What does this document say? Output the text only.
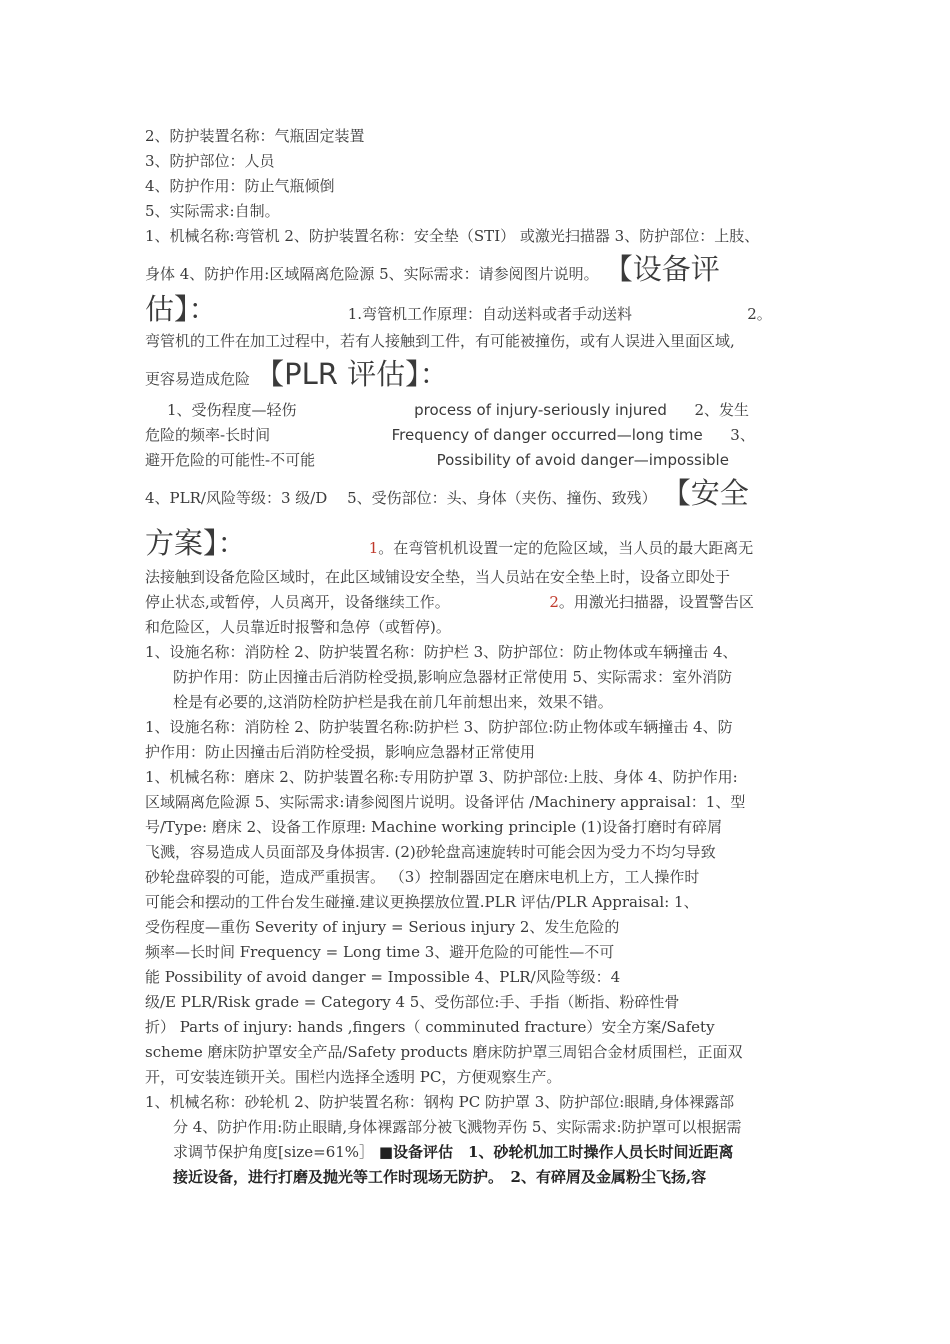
2、防护装置名称：气瓶固定装置
3、防护部位：人员
4、防护作用：防止气瓶倾倒
5、实际需求:自制。
1、机械名称:弯管机 2、防护装置名称：安全垫（STI） 或激光扫描器 3、防护部位：上肢、
身体 4、防护作用:区域隔离危险源 5、实际需求：请参阅图片说明。 【设备评
估】：	1.弯管机工作原理：自动送料或者手动送料	2。
弯管机的工件在加工过程中，若有人接触到工件，有可能被撞伤，或有人误进入里面区域,
更容易造成危险 【PLR 评估】：
1、受伤程度—轻伤	process of injury-seriously injured 2、发生
危险的频率-长时间	Frequency of danger occurred—long time 3、
避开危险的可能性-不可能	Possibility of avoid danger—impossible
4、PLR/风险等级：3 级/D　 5、受伤部位：头、身体（夹伤、撞伤、致残） 【安全
方案】：	1。在弯管机机设置一定的危险区域，当人员的最大距离无
法接触到设备危险区域时，在此区域铺设安全垫，当人员站在安全垫上时，设备立即处于
停止状态,或暂停，人员离开，设备继续工作。	2。用激光扫描器，设置警告区
和危险区，人员靠近时报警和急停（或暂停)。
1、设施名称：消防栓 2、防护装置名称：防护栏 3、防护部位：防止物体或车辆撞击 4、
防护作用：防止因撞击后消防栓受损,影响应急器材正常使用 5、实际需求：室外消防
栓是有必要的,这消防栓防护栏是我在前几年前想出来，效果不错。
1、设施名称：消防栓 2、防护装置名称:防护栏 3、防护部位:防止物体或车辆撞击 4、防
护作用：防止因撞击后消防栓受损，影响应急器材正常使用
1、机械名称：磨床 2、防护装置名称:专用防护罩 3、防护部位:上肢、身体 4、防护作用:
区域隔离危险源 5、实际需求:请参阅图片说明。设备评估 /Machinery appraisal：1、型
号/Type: 磨床 2、设备工作原理: Machine working principle (1)设备打磨时有碎屑
飞溅，容易造成人员面部及身体损害. (2)砂轮盘高速旋转时可能会因为受力不均匀导致
砂轮盘碎裂的可能，造成严重损害。 （3）控制器固定在磨床电机上方，工人操作时
可能会和摆动的工件台发生碰撞.建议更换摆放位置.PLR 评估/PLR Appraisal: 1、
受伤程度—重伤 Severity of injury = Serious injury 2、发生危险的
频率—长时间 Frequency = Long time 3、避开危险的可能性—不可
能 Possibility of avoid danger = Impossible 4、PLR/风险等级：4
级/E PLR/Risk grade = Category 4 5、受伤部位:手、手指（断指、粉碎性骨
折） Parts of injury: hands ,fingers（ comminuted fracture）安全方案/Safety
scheme 磨床防护罩安全产品/Safety products 磨床防护罩三周铝合金材质围栏，正面双
开，可安装连锁开关。围栏内选择全透明 PC，方便观察生产。
1、机械名称：砂轮机 2、防护装置名称：钢构 PC 防护罩 3、防护部位:眼睛,身体裸露部
分 4、防护作用:防止眼睛,身体裸露部分被飞溅物弄伤 5、实际需求:防护罩可以根据需
求调节保护角度[size=61%］ ■设备评估　1、砂轮机加工时操作人员长时间近距离
接近设备，进行打磨及抛光等工作时现场无防护。　2、有碎屑及金属粉尘飞扬,容
